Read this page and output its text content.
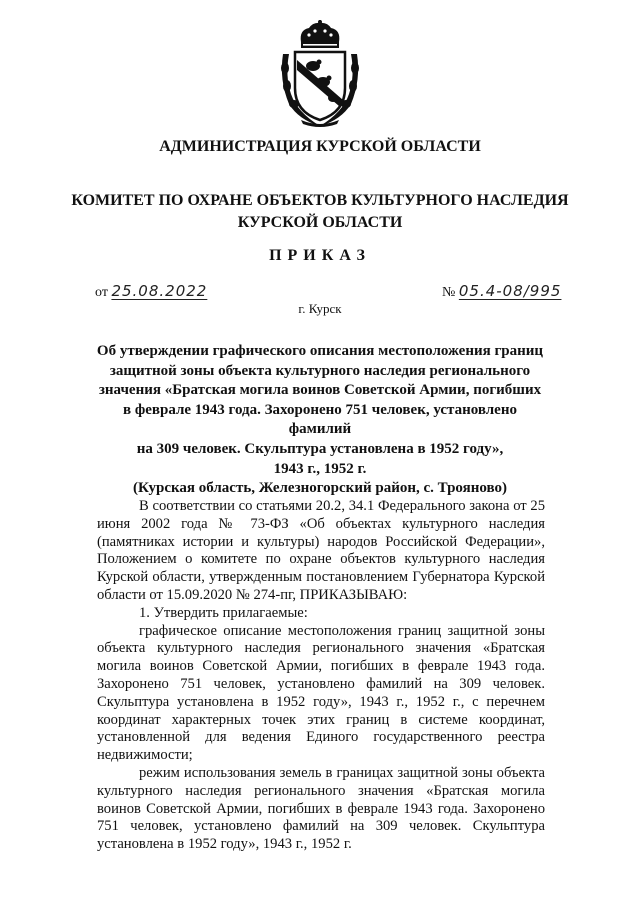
АДМИНИСТРАЦИЯ КУРСКОЙ ОБЛАСТИ
КОМИТЕТ ПО ОХРАНЕ ОБЪЕКТОВ КУЛЬТУРНОГО НАСЛЕДИЯ
КУРСКОЙ ОБЛАСТИ
ПРИКАЗ
от 25.08.2022	№ 05.4-08/995
г. Курск

Об утверждении графического описания местоположения границ

защитной зоны объекта культурного наследия регионального

значения «Братская могила воинов Советской Армии, погибших

в феврале 1943 года. Захоронено 751 человек, установлено фамилий

на 309 человек. Скульптура установлена в 1952 году»,

1943 г., 1952 г.

(Курская область, Железногорский район, с. Трояново)

В соответствии со статьями 20.2, 34.1 Федерального закона от 25 июня 2002 года № 73-ФЗ «Об объектах культурного наследия (памятниках истории и культуры) народов Российской Федерации», Положением о комитете по охране объектов культурного наследия Курской области, утвержденным постановлением Губернатора Курской области от 15.09.2020 № 274-пг, ПРИКАЗЫВАЮ:

1. Утвердить прилагаемые:

графическое описание местоположения границ защитной зоны объекта культурного наследия регионального значения «Братская могила воинов Советской Армии, погибших в феврале 1943 года. Захоронено 751 человек, установлено фамилий на 309 человек. Скульптура установлена в 1952 году», 1943 г., 1952 г., с перечнем координат характерных точек этих границ в системе координат, установленной для ведения Единого государственного реестра недвижимости;

режим использования земель в границах защитной зоны объекта культурного наследия регионального значения «Братская могила воинов Советской Армии, погибших в феврале 1943 года. Захоронено 751 человек, установлено фамилий на 309 человек. Скульптура установлена в 1952 году», 1943 г., 1952 г.
